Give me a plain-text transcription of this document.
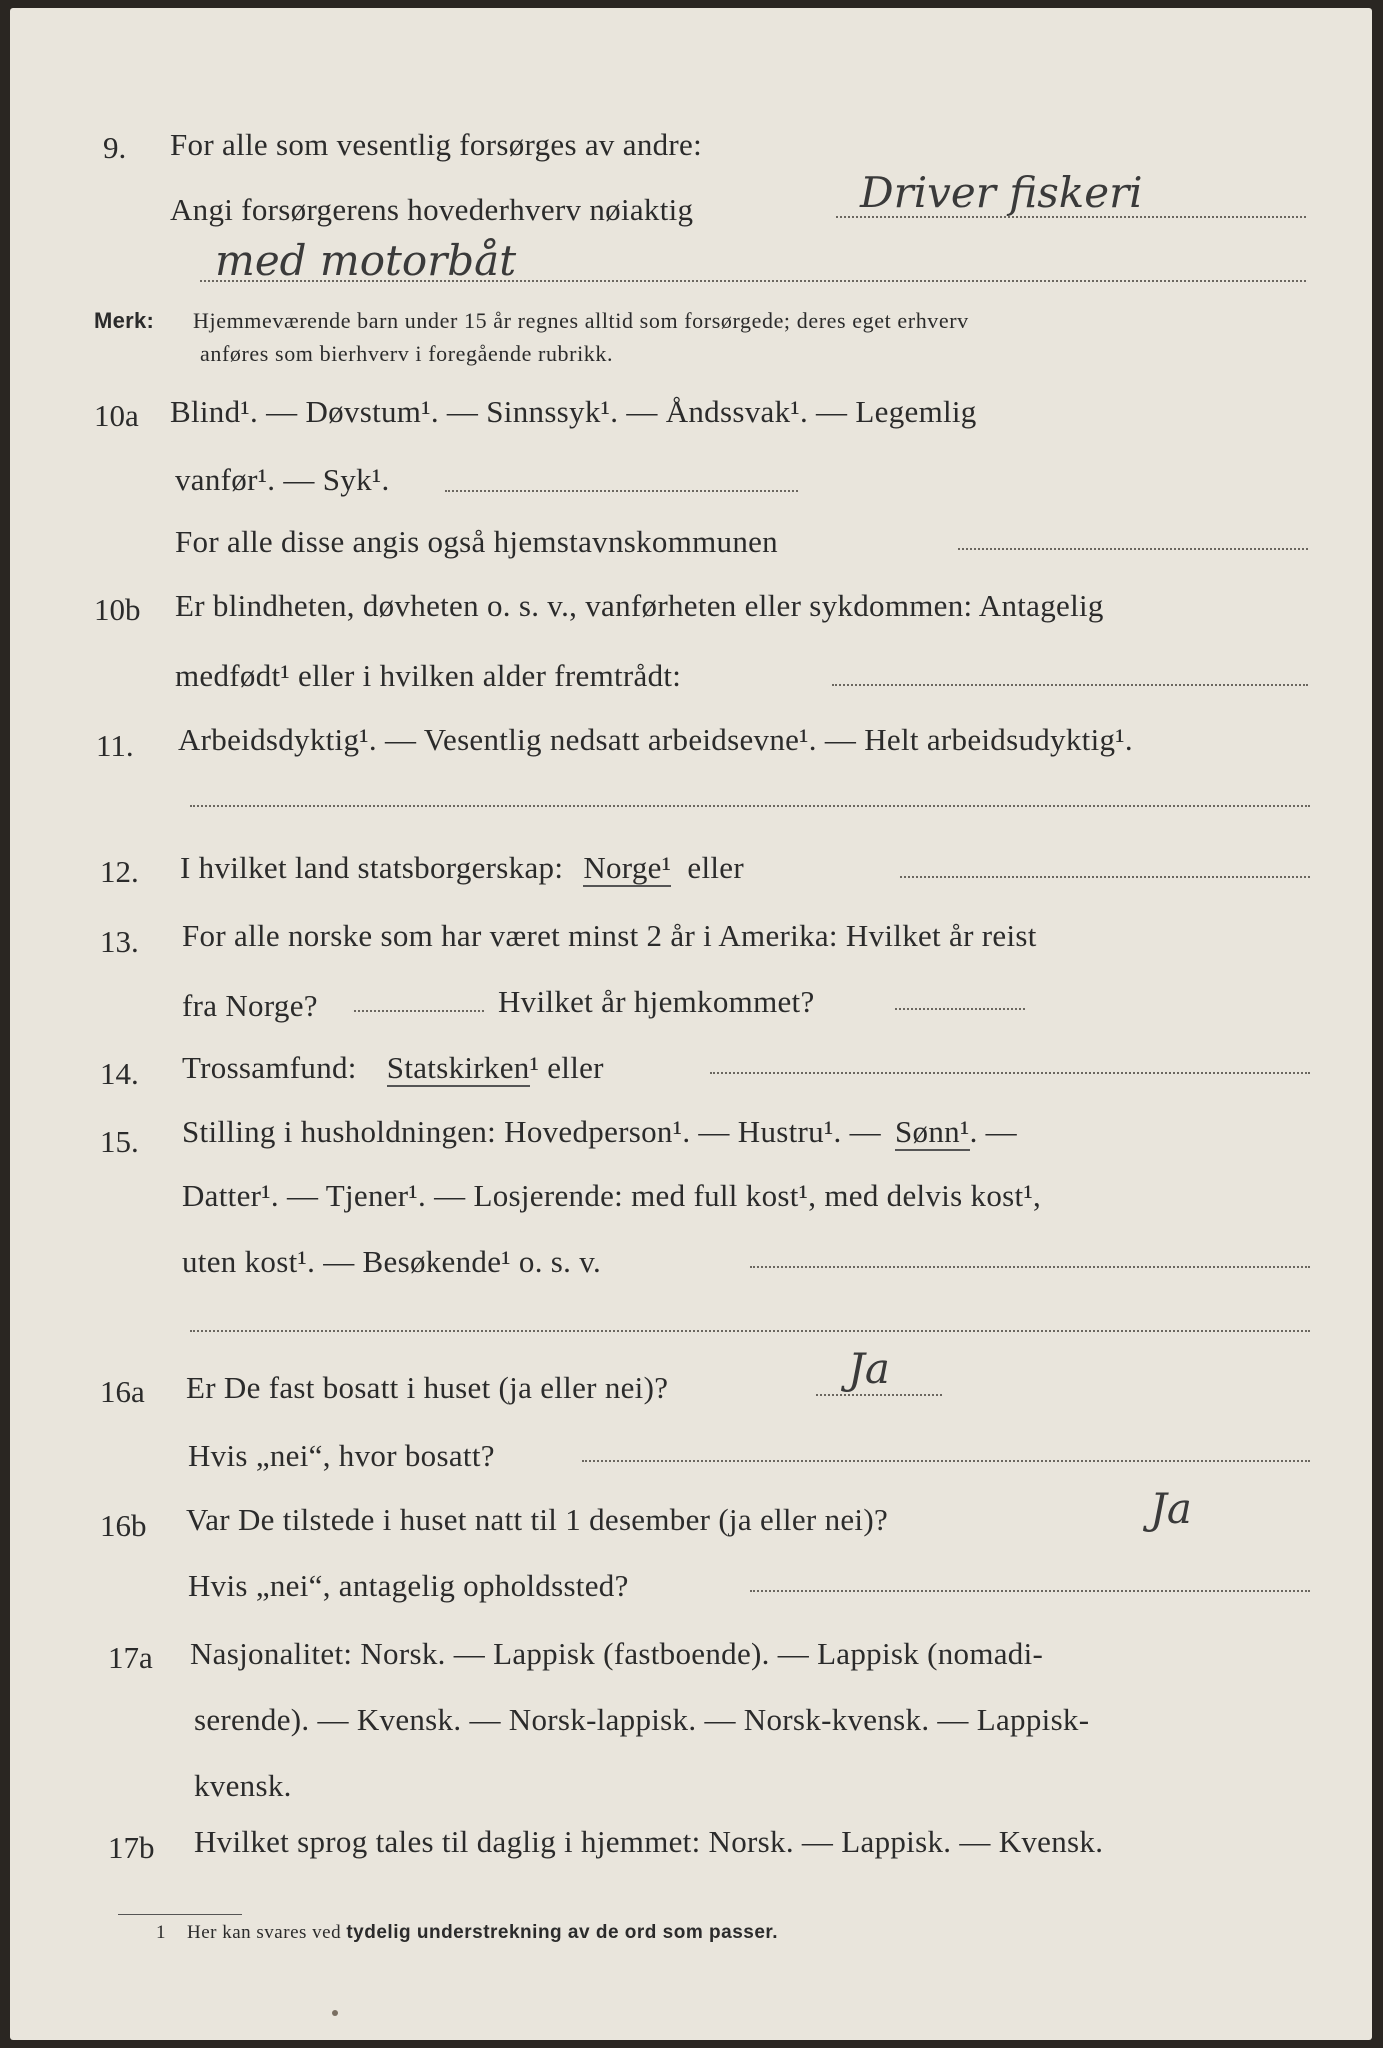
9. For alle som vesentlig forsørges av andre:
Angi forsørgerens hovederhverv nøiaktig	Driver fiskeri
med motorbåt
Merk: Hjemmeværende barn under 15 år regnes alltid som forsørgede; deres eget erhverv
anføres som bierhverv i foregående rubrikk.
10a Blind¹. — Døvstum¹. — Sinnssyk¹. — Åndssvak¹. — Legemlig
vanfør¹. — Syk¹.
For alle disse angis også hjemstavnskommunen
10b Er blindheten, døvheten o. s. v., vanførheten eller sykdommen: Antagelig
medfødt¹ eller i hvilken alder fremtrådt:
11. Arbeidsdyktig¹. — Vesentlig nedsatt arbeidsevne¹. — Helt arbeidsudyktig¹.
12. I hvilket land statsborgerskap: Norge¹ eller
13. For alle norske som har været minst 2 år i Amerika: Hvilket år reist
fra Norge?	Hvilket år hjemkommet?
14. Trossamfund: Statskirken¹ eller
15. Stilling i husholdningen: Hovedperson¹. — Hustru¹. — Sønn¹. —
Datter¹. — Tjener¹. — Losjerende: med full kost¹, med delvis kost¹,
uten kost¹. — Besøkende¹ o. s. v.
16a Er De fast bosatt i huset (ja eller nei)?	Ja
Hvis „nei“, hvor bosatt?
16b Var De tilstede i huset natt til 1 desember (ja eller nei)?	Ja
Hvis „nei“, antagelig opholdssted?
17a Nasjonalitet: Norsk. — Lappisk (fastboende). — Lappisk (nomadi-
serende). — Kvensk. — Norsk-lappisk. — Norsk-kvensk. — Lappisk-
kvensk.
17b Hvilket sprog tales til daglig i hjemmet: Norsk. — Lappisk. — Kvensk.
1 Her kan svares ved tydelig understrekning av de ord som passer.
